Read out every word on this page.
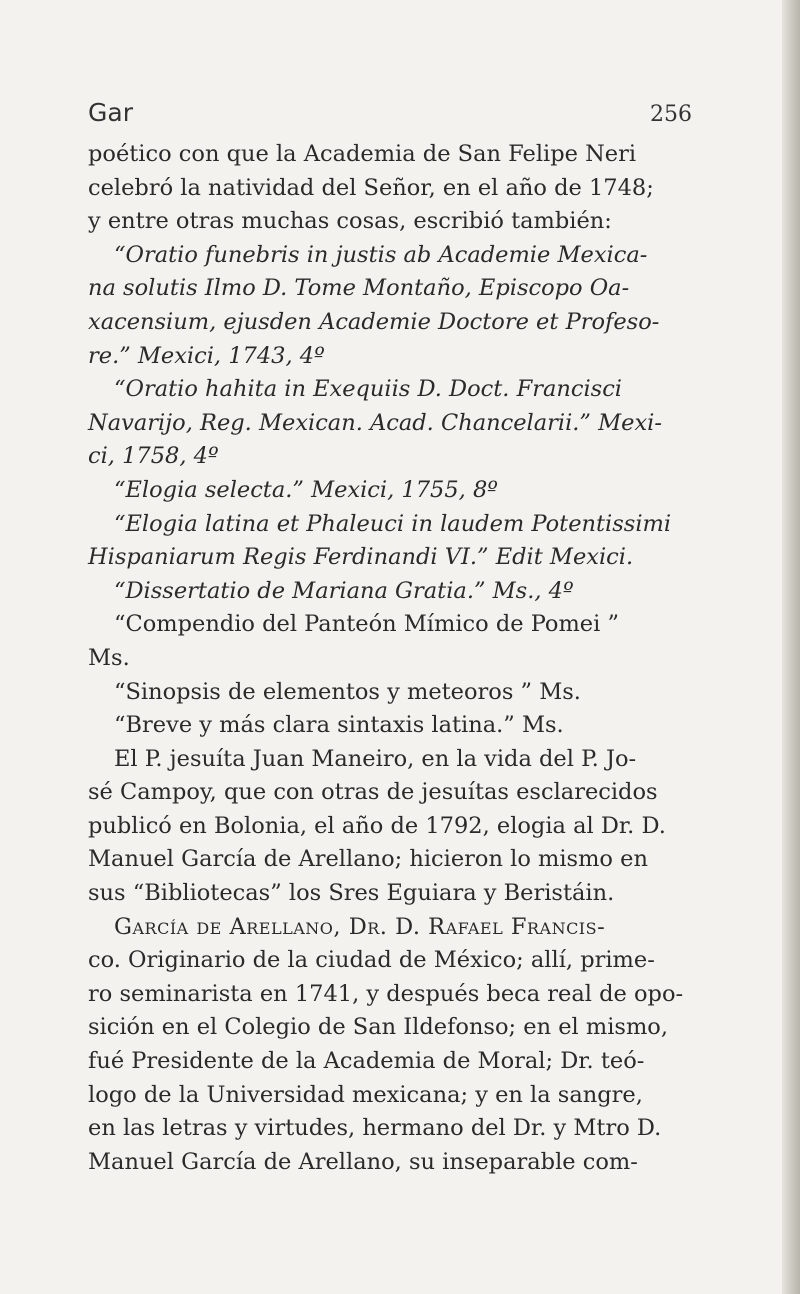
Gar	256
poético con que la Academia de San Felipe Neri
celebró la natividad del Señor, en el año de 1748;
y entre otras muchas cosas, escribió también:
“Oratio funebris in justis ab Academie Mexica-
na solutis Ilmo D. Tome Montaño, Episcopo Oa-
xacensium, ejusden Academie Doctore et Profeso-
re.” Mexici, 1743, 4º
“Oratio hahita in Exequiis D. Doct. Francisci
Navarijo, Reg. Mexican. Acad. Chancelarii.” Mexi-
ci, 1758, 4º
“Elogia selecta.” Mexici, 1755, 8º
“Elogia latina et Phaleuci in laudem Potentissimi
Hispaniarum Regis Ferdinandi VI.” Edit Mexici.
“Dissertatio de Mariana Gratia.” Ms., 4º
“Compendio del Panteón Mímico de Pomei ”
Ms.
“Sinopsis de elementos y meteoros ” Ms.
“Breve y más clara sintaxis latina.” Ms.
El P. jesuíta Juan Maneiro, en la vida del P. Jo-
sé Campoy, que con otras de jesuítas esclarecidos
publicó en Bolonia, el año de 1792, elogia al Dr. D.
Manuel García de Arellano; hicieron lo mismo en
sus “Bibliotecas” los Sres Eguiara y Beristáin.
García de Arellano, Dr. D. Rafael Francis-
co. Originario de la ciudad de México; allí, prime-
ro seminarista en 1741, y después beca real de opo-
sición en el Colegio de San Ildefonso; en el mismo,
fué Presidente de la Academia de Moral; Dr. teó-
logo de la Universidad mexicana; y en la sangre,
en las letras y virtudes, hermano del Dr. y Mtro D.
Manuel García de Arellano, su inseparable com-
